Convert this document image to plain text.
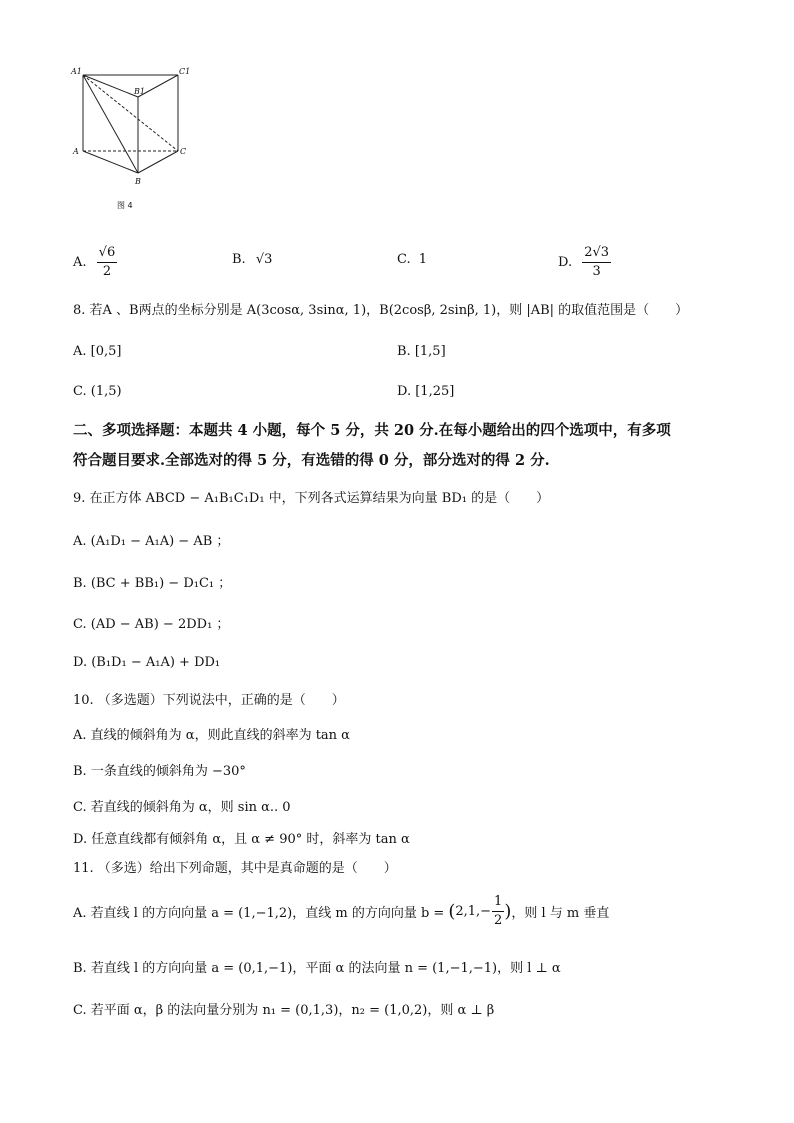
A1	C1
B1
A	C
B
图 4
A. $\frac{√6}{2}$	B. √3	C. 1	D. $\frac{2√3}{3}$
8. 若A 、B两点的坐标分别是 A(3cosα, 3sinα, 1)，B(2cosβ, 2sinβ, 1)，则 |AB| 的取值范围是（　　）
A. [0,5]	B. [1,5]
C. (1,5)	D. [1,25]
二、多项选择题：本题共 4 小题，每个 5 分，共 20 分.在每小题给出的四个选项中，有多项
符合题目要求.全部选对的得 5 分，有选错的得 0 分，部分选对的得 2 分.
9. 在正方体 ABCD − A₁B₁C₁D₁ 中，下列各式运算结果为向量 BD₁ 的是（　　）
A. (A₁D₁ − A₁A) − AB ；
B. (BC + BB₁) − D₁C₁ ；
C. (AD − AB) − 2DD₁ ；
D. (B₁D₁ − A₁A) + DD₁
10. （多选题）下列说法中，正确的是（　　）
A. 直线的倾斜角为 α，则此直线的斜率为 tan α
B. 一条直线的倾斜角为 −30°
C. 若直线的倾斜角为 α，则 sin α.. 0
D. 任意直线都有倾斜角 α，且 α ≠ 90° 时，斜率为 tan α
11. （多选）给出下列命题，其中是真命题的是（　　）
A. 若直线 l 的方向向量 a = (1,−1,2)，直线 m 的方向向量 b = ( $2,1,- \frac{1}{2}$ ) ，则 l 与 m 垂直
B. 若直线 l 的方向向量 a = (0,1,−1)，平面 α 的法向量 n = (1,−1,−1)，则 l ⊥ α
C. 若平面 α，β 的法向量分别为 n₁ = (0,1,3)，n₂ = (1,0,2)，则 α ⊥ β
